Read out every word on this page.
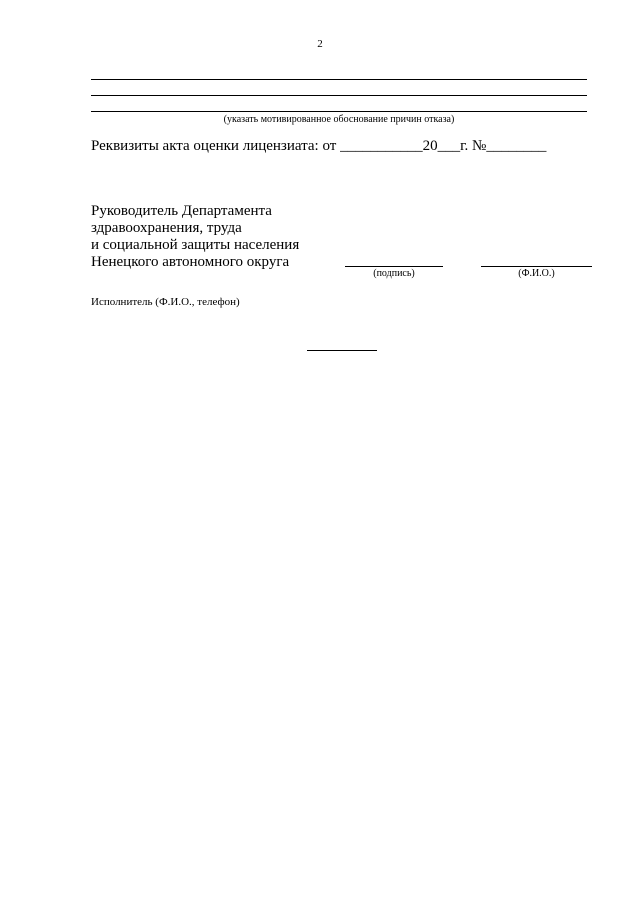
2
(указать мотивированное обоснование причин отказа)
Реквизиты акта оценки лицензиата: от ___________20___г. №________
Руководитель Департамента
здравоохранения, труда
и социальной защиты населения
Ненецкого автономного округа
(подпись)	(Ф.И.О.)
Исполнитель (Ф.И.О., телефон)
